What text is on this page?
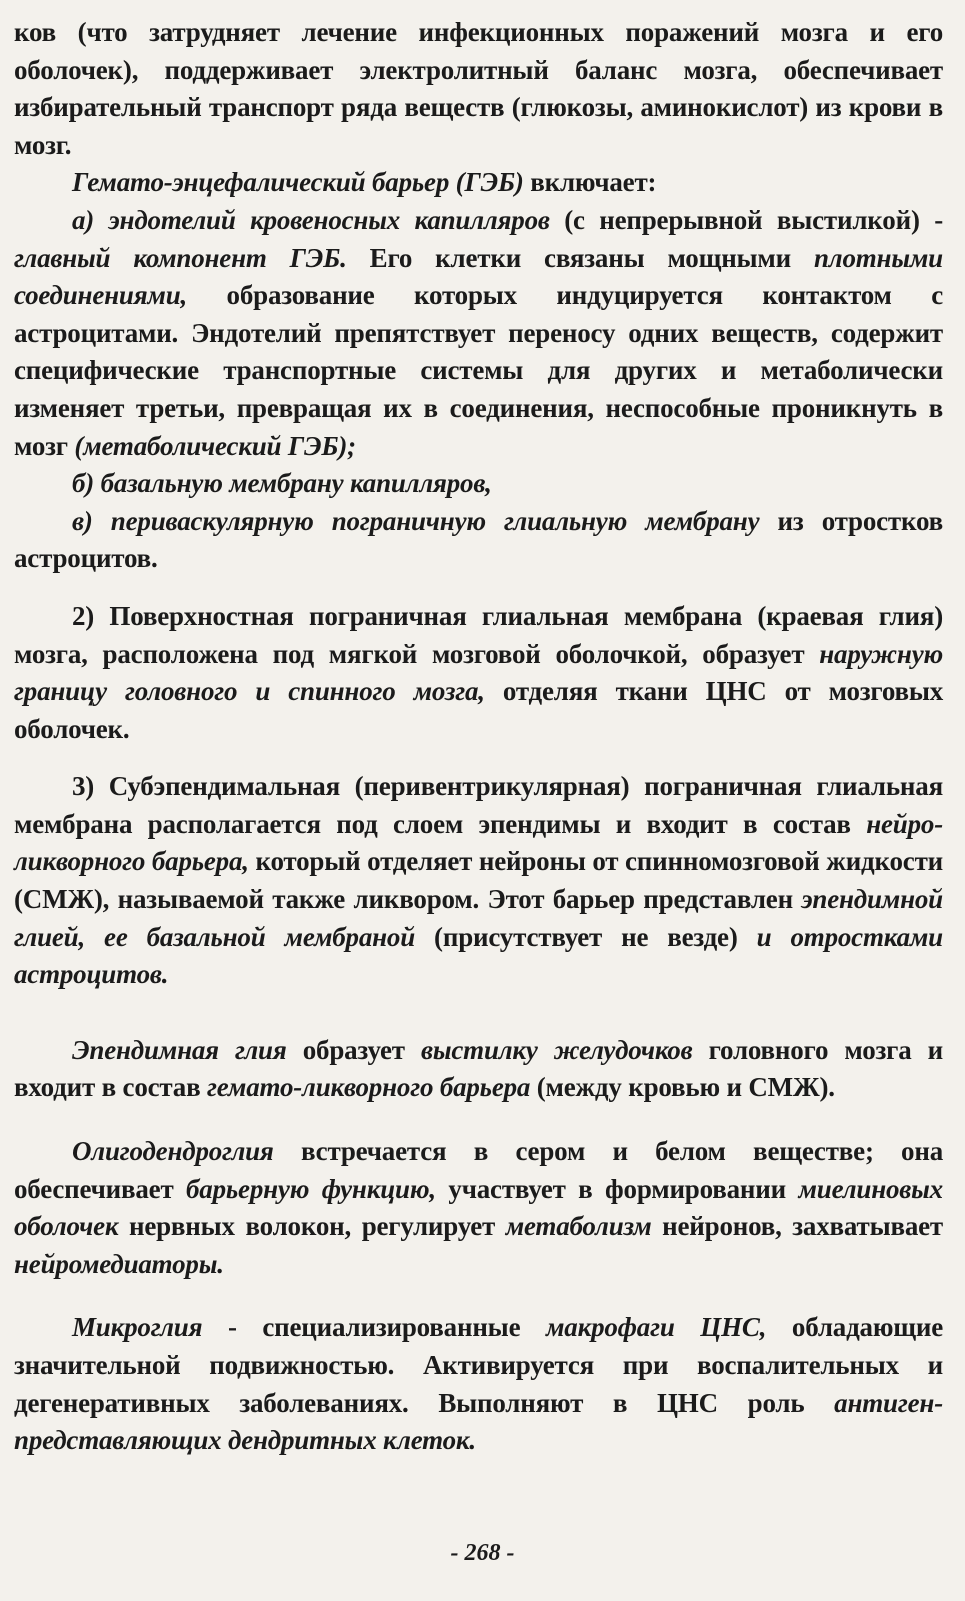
ков (что затрудняет лечение инфекционных поражений мозга и его оболочек), поддерживает электролитный баланс мозга, обеспечивает избирательный транспорт ряда веществ (глюкозы, аминокислот) из крови в мозг.

Гемато-энцефалический барьер (ГЭБ) включает:

а) эндотелий кровеносных капилляров (с непрерывной выстилкой) - главный компонент ГЭБ. Его клетки связаны мощными плотными соединениями, образование которых индуцируется контактом с астроцитами. Эндотелий препятствует переносу одних веществ, содержит специфические транспортные системы для других и метаболически изменяет третьи, превращая их в соединения, неспособные проникнуть в мозг (метаболический ГЭБ);

б) базальную мембрану капилляров,

в) периваскулярную пограничную глиальную мембрану из отростков астроцитов.

2) Поверхностная пограничная глиальная мембрана (краевая глия) мозга, расположена под мягкой мозговой оболочкой, образует наружную границу головного и спинного мозга, отделяя ткани ЦНС от мозговых оболочек.

3) Субэпендимальная (перивентрикулярная) пограничная глиальная мембрана располагается под слоем эпендимы и входит в состав нейро-ликворного барьера, который отделяет нейроны от спинномозговой жидкости (СМЖ), называемой также ликвором. Этот барьер представлен эпендимной глией, ее базальной мембраной (присутствует не везде) и отростками астроцитов.

Эпендимная глия образует выстилку желудочков головного мозга и входит в состав гемато-ликворного барьера (между кровью и СМЖ).

Олигодендроглия встречается в сером и белом веществе; она обеспечивает барьерную функцию, участвует в формировании миелиновых оболочек нервных волокон, регулирует метаболизм нейронов, захватывает нейромедиаторы.

Микроглия - специализированные макрофаги ЦНС, обладающие значительной подвижностью. Активируется при воспалительных и дегенеративных заболеваниях. Выполняют в ЦНС роль антиген-представляющих дендритных клеток.

- 268 -
